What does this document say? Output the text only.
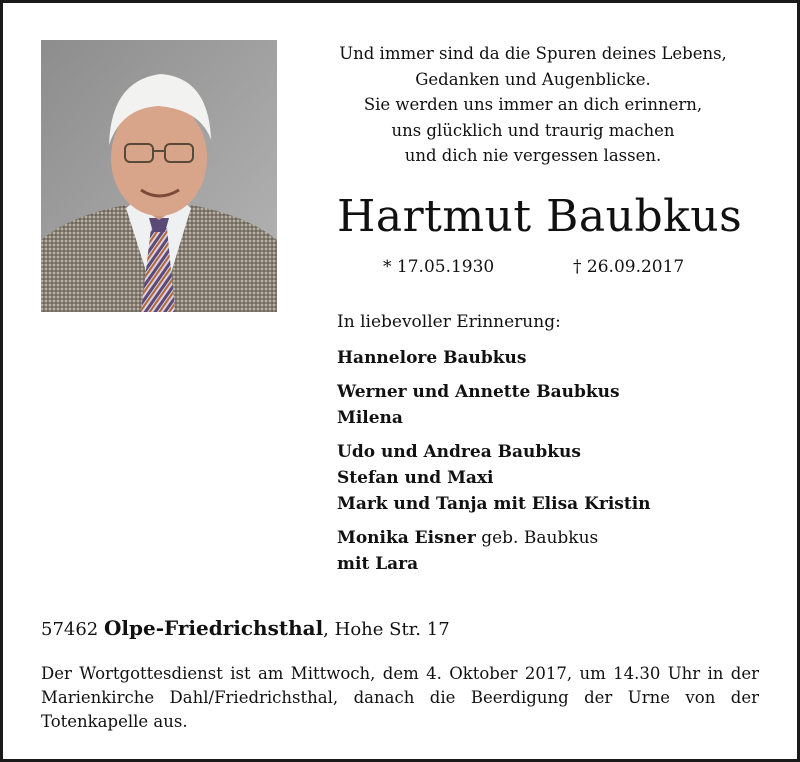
Und immer sind da die Spuren deines Lebens,
Gedanken und Augenblicke.
Sie werden uns immer an dich erinnern,
uns glücklich und traurig machen
und dich nie vergessen lassen.
Hartmut Baubkus
* 17.05.1930	† 26.09.2017
In liebevoller Erinnerung:
Hannelore Baubkus
Werner und Annette Baubkus
Milena
Udo und Andrea Baubkus
Stefan und Maxi
Mark und Tanja mit Elisa Kristin
Monika Eisner geb. Baubkus
mit Lara
57462 Olpe-Friedrichsthal, Hohe Str. 17
Der Wortgottesdienst ist am Mittwoch, dem 4. Oktober 2017, um 14.30 Uhr in der Marienkirche Dahl/Friedrichsthal, danach die Beerdigung der Urne von der Totenkapelle aus.
